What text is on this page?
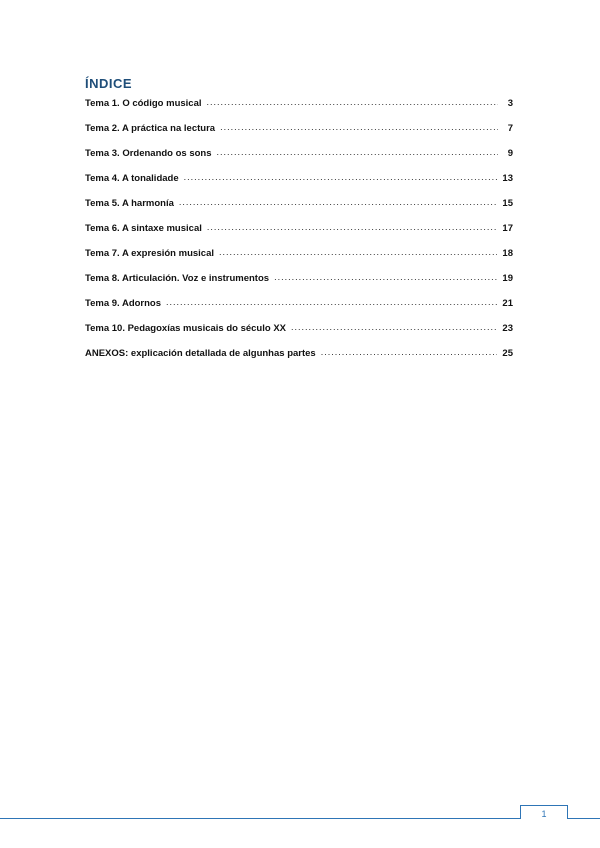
ÍNDICE
Tema 1. O código musical .....	3
Tema 2. A práctica na lectura .....	7
Tema 3. Ordenando os sons .....	9
Tema 4. A tonalidade .....	13
Tema 5. A harmonía .....	15
Tema 6. A sintaxe musical .....	17
Tema 7. A expresión musical .....	18
Tema 8. Articulación. Voz e instrumentos .....	19
Tema 9. Adornos .....	21
Tema 10. Pedagoxías musicais do século XX .....	23
ANEXOS: explicación detallada de algunhas partes .....	25
1
